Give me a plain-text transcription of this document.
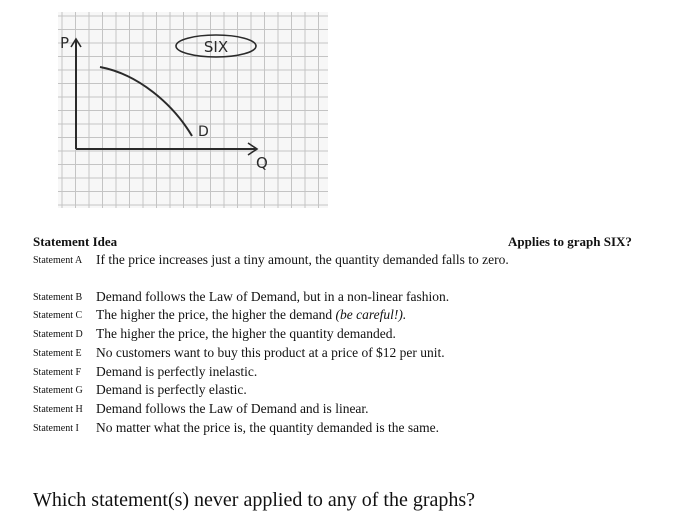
SIX
P
Q
D
Statement Idea	Applies to graph SIX?
Statement A If the price increases just a tiny amount, the quantity demanded falls to zero.
Statement B Demand follows the Law of Demand, but in a non-linear fashion.
Statement C The higher the price, the higher the demand (be careful!).
Statement D The higher the price, the higher the quantity demanded.
Statement E No customers want to buy this product at a price of $12 per unit.
Statement F Demand is perfectly inelastic.
Statement G Demand is perfectly elastic.
Statement H Demand follows the Law of Demand and is linear.
Statement I No matter what the price is, the quantity demanded is the same.
Which statement(s) never applied to any of the graphs?
